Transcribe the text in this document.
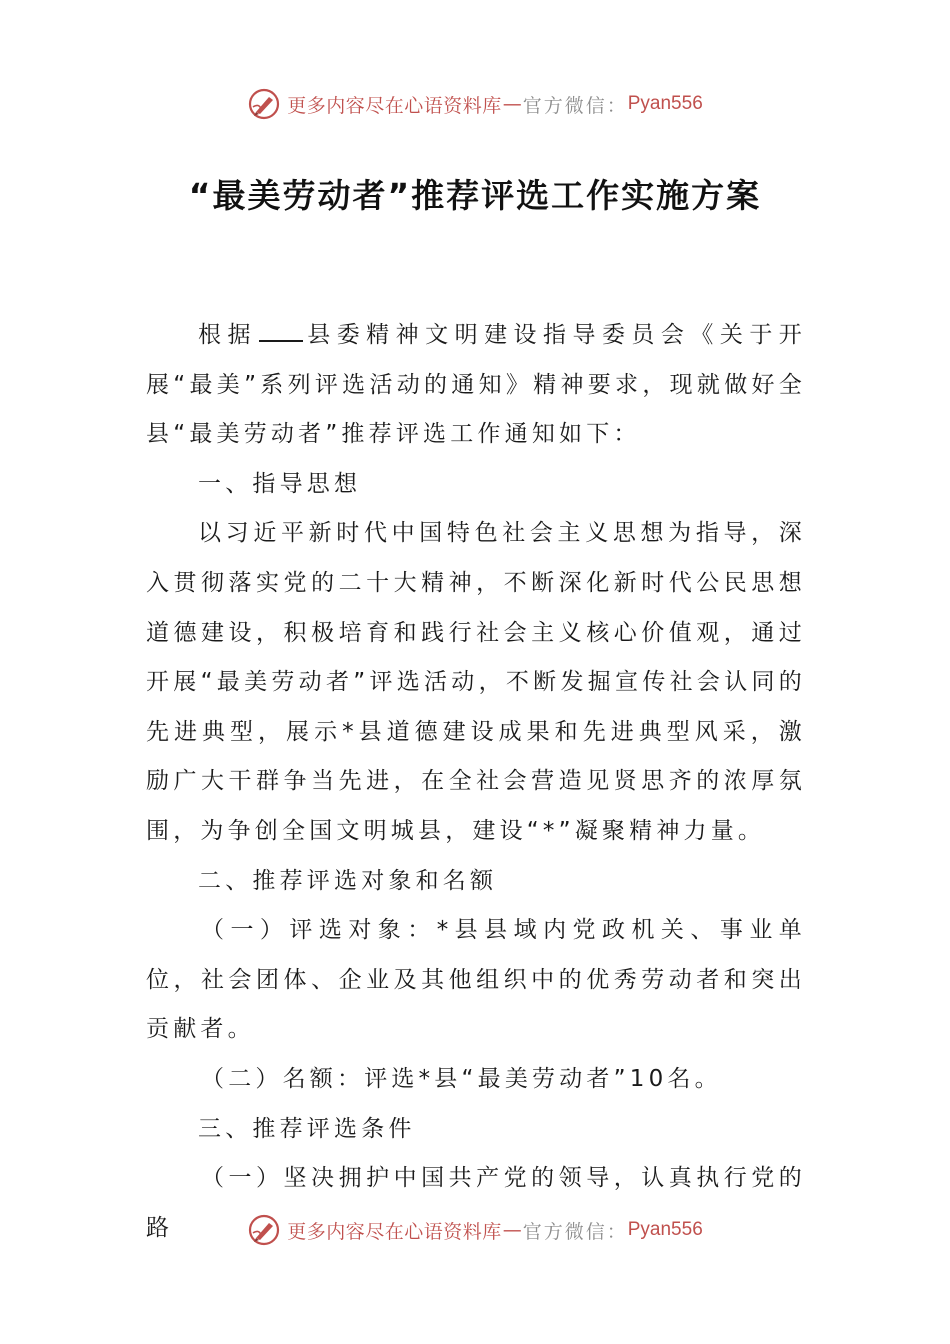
更多内容尽在心语资料库 — 官方微信： Pyan556
“最美劳动者”推荐评选工作实施方案

根据 县委精神文明建设指导委员会《关于开展“最美”系列评选活动的通知》精神要求，现就做好全县“最美劳动者”推荐评选工作通知如下：

一、指导思想

以习近平新时代中国特色社会主义思想为指导，深入贯彻落实党的二十大精神，不断深化新时代公民思想道德建设，积极培育和践行社会主义核心价值观，通过开展“最美劳动者”评选活动，不断发掘宣传社会认同的先进典型，展示*县道德建设成果和先进典型风采，激励广大干群争当先进，在全社会营造见贤思齐的浓厚氛围，为争创全国文明城县，建设“*”凝聚精神力量。

二、推荐评选对象和名额

（一）评选对象：*县县域内党政机关、事业单位，社会团体、企业及其他组织中的优秀劳动者和突出贡献者。

（二）名额：评选*县“最美劳动者”10名。

三、推荐评选条件

（一）坚决拥护中国共产党的领导，认真执行党的路	更多内容尽在心语资料库 — 官方微信： Pyan556
